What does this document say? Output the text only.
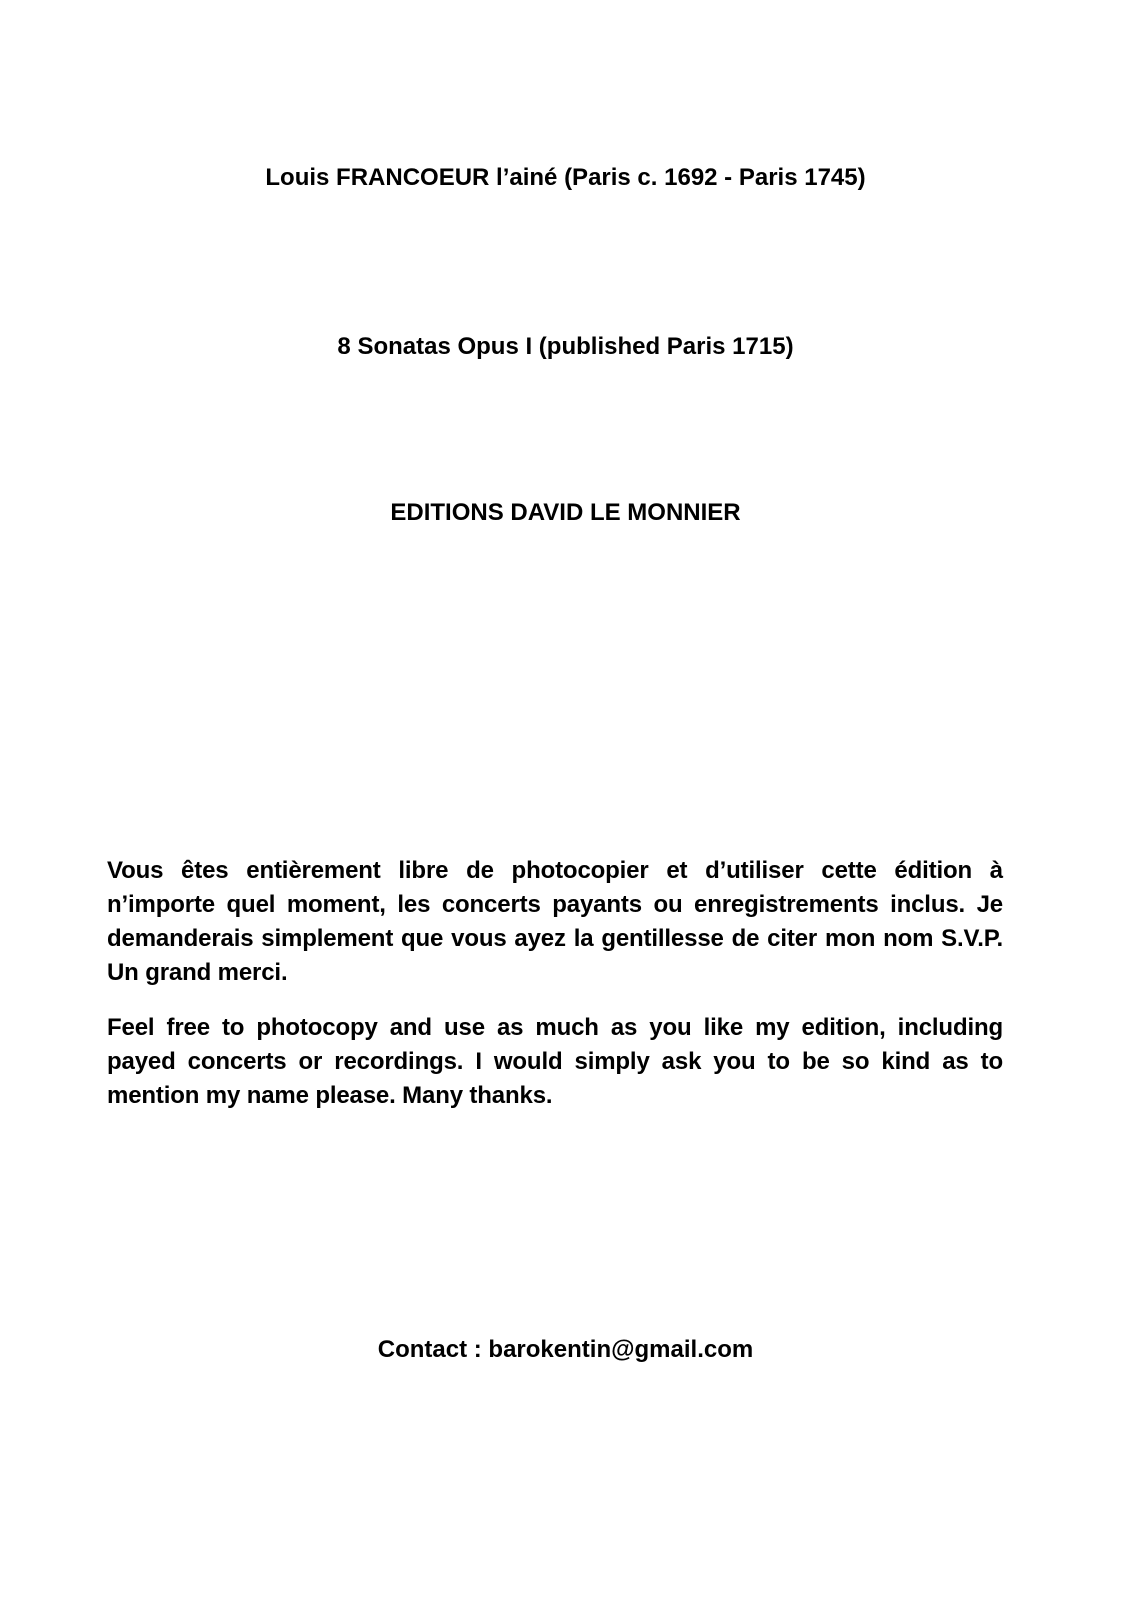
Louis FRANCOEUR l’ainé (Paris c. 1692 - Paris 1745)
8 Sonatas Opus I (published Paris 1715)
EDITIONS DAVID LE MONNIER

Vous êtes entièrement libre de photocopier et d’utiliser cette édition à n’importe quel moment, les concerts payants ou enregistrements inclus. Je demanderais simplement que vous ayez la gentillesse de citer mon nom S.V.P. Un grand merci.

Feel free to photocopy and use as much as you like my edition, including payed concerts or recordings. I would simply ask you to be so kind as to mention my name please. Many thanks.

Contact : barokentin@gmail.com
